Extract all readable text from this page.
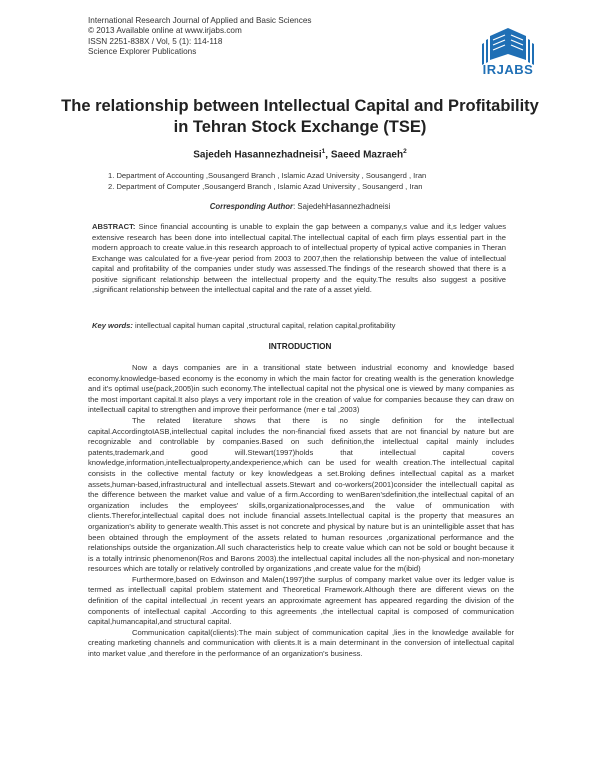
International Research Journal of Applied and Basic Sciences
© 2013 Available online at www.irjabs.com
ISSN 2251-838X / Vol, 5 (1): 114-118
Science Explorer Publications
IRJABS
The relationship between Intellectual Capital and Profitability in Tehran Stock Exchange (TSE)
Sajedeh Hasannezhadneisi$^1$, Saeed Mazraeh$^2$
1. Department of Accounting ,Sousangerd Branch , Islamic Azad University , Sousangerd , Iran
2. Department of Computer ,Sousangerd Branch , Islamic Azad University , Sousangerd , Iran
Corresponding Author: SajedehHasannezhadneisi
ABSTRACT: Since financial accounting is unable to explain the gap between a company,s value and it,s ledger values extensive research has been done into intellectual capital.The intellectual capital of each firm plays essential part in the modern approach to create value.in this research approach to of intellectual property of typical active companies in Theran Exchange was calculated for a five-year period from 2003 to 2007,then the relationship between the value of intellectual capital and profitability of the companies under study was assessed.The findings of the research showed that there is a positive significant relationship between the intellectual property and the equity.The results also suggest a positive ,significant relationship between the intellectual capital and the rate of a asset yield.
Key words: intellectual capital human capital ,structural capital, relation capital,profitability
INTRODUCTION

Now a days companies are in a transitional state between industrial economy and knowledge based economy.knowledge-based economy is the economy in which the main factor for creating wealth is the generation knowledge and it's optimal use(pack,2005)in such economy.The intellectual capital not the physical one is viewed by many companies as the most important capital.It also plays a very important role in the creation of value for companies because they can draw on intellectuall capital to strengthen and improve their performance (mer e tal ,2003)

The related literature shows that there is no single definition for the intellectual capital.AccordingtoIASB,intellectual capital includes the non-financial fixed assets that are not financial by nature but are recognizable and controllable by companies.Based on such definition,the intellectual capital mainly includes patents,trademark,and good will.Stewart(1997)holds that intellectual capital covers knowledge,information,intellectualproperty,andexperience,which can be used for wealth creation.The intellectual capital consists in the collective mental factuty or key knowledgeas a set.Broking defines intellectual capital as a market assets,human-based,infrastructural and intellectual assets.Stewart and co-workers(2001)consider the intellectuall capital as the difference between the market value and value of a firm.According to wenBaren'sdefinition,the intellectual capital of an organization includes the employees' skills,organizationalprocesses,and the value of ommunication with clients.Therefor,intellectual capital does not include financial assets.Intellectual capital is the property that measures an organization's ability to generate wealth.This asset is not concrete and physical by nature but is an unintelligible asset that has been obtained through the employment of the assets related to human resources ,organizational performance and the relationships outside the organization.All such characteristics help to create value which can not be sold or bought because it is a totally intrinsic phenomenon(Ros and Barons 2003).the intellectual capital includes all the non-physical and non-monetary resources which are totally or relatively controlled by organizations ,and create value for the m(ibid)

Furthermore,based on Edwinson and Malen(1997)the surplus of company market value over its ledger value is termed as intellectuall capital problem statement and Theoretical Framework.Although there are different views on the definition of the capital intellectual ,in recent years an approximate agreement has appeared regarding the division of the components of intellectual capital .According to this agreements ,the intellectual capital is composed of communication capital,humancapital,and structural capital.

Communication capital(clients):The main subject of communication capital ,lies in the knowledge available for creating marketing channels and communication with clients.It is a main determinant in the conversion of intellectual capital into market value ,and therefore in the performance of an organization's business.
